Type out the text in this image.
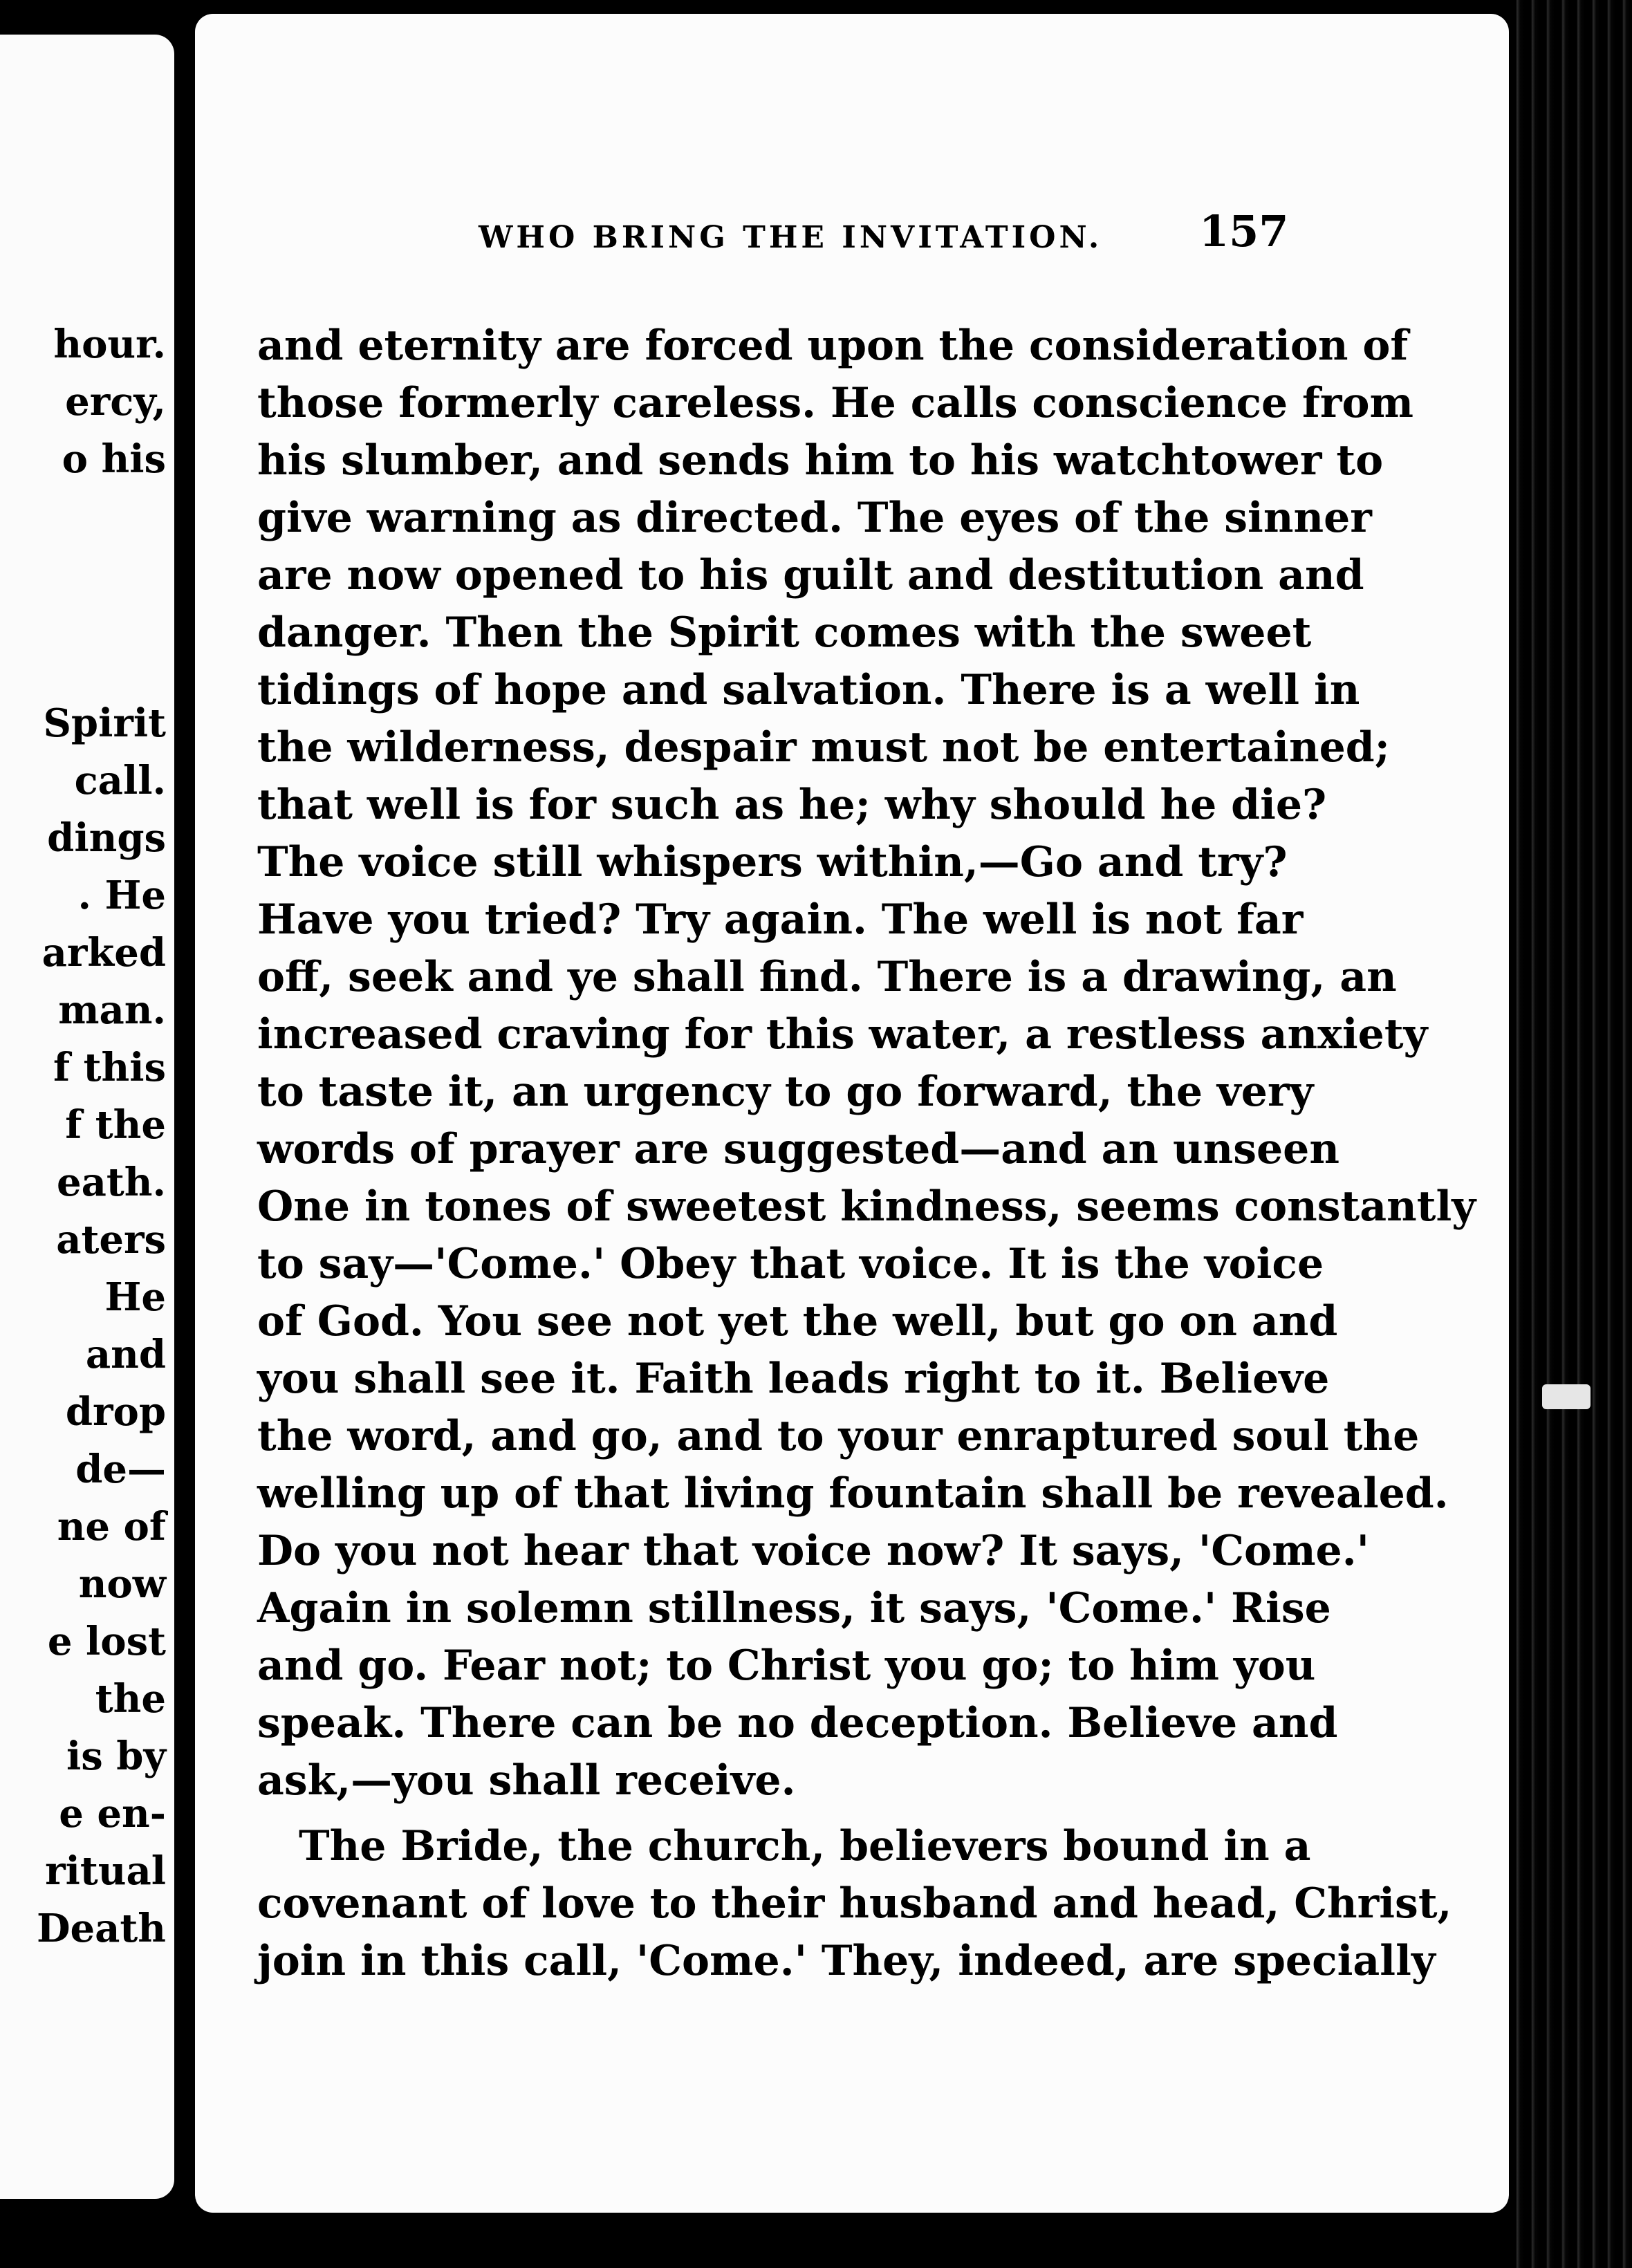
hour.
ercy,
o his
Spirit
call.
dings
. He
arked
man.
f this
f the
eath.
aters
He
and
drop
de—
ne of
now
e lost
the
is by
e en-
ritual
Death
WHO BRING THE INVITATION. 157
and eternity are forced upon the consideration of
those formerly careless. He calls conscience from
his slumber, and sends him to his watchtower to
give warning as directed. The eyes of the sinner
are now opened to his guilt and destitution and
danger. Then the Spirit comes with the sweet
tidings of hope and salvation. There is a well in
the wilderness, despair must not be entertained;
that well is for such as he; why should he die?
The voice still whispers within,—Go and try?
Have you tried? Try again. The well is not far
off, seek and ye shall find. There is a drawing, an
increased craving for this water, a restless anxiety
to taste it, an urgency to go forward, the very
words of prayer are suggested—and an unseen
One in tones of sweetest kindness, seems constantly
to say—'Come.' Obey that voice. It is the voice
of God. You see not yet the well, but go on and
you shall see it. Faith leads right to it. Believe
the word, and go, and to your enraptured soul the
welling up of that living fountain shall be revealed.
Do you not hear that voice now? It says, 'Come.'
Again in solemn stillness, it says, 'Come.' Rise
and go. Fear not; to Christ you go; to him you
speak. There can be no deception. Believe and
ask,—you shall receive.
The Bride, the church, believers bound in a
covenant of love to their husband and head, Christ,
join in this call, 'Come.' They, indeed, are specially
